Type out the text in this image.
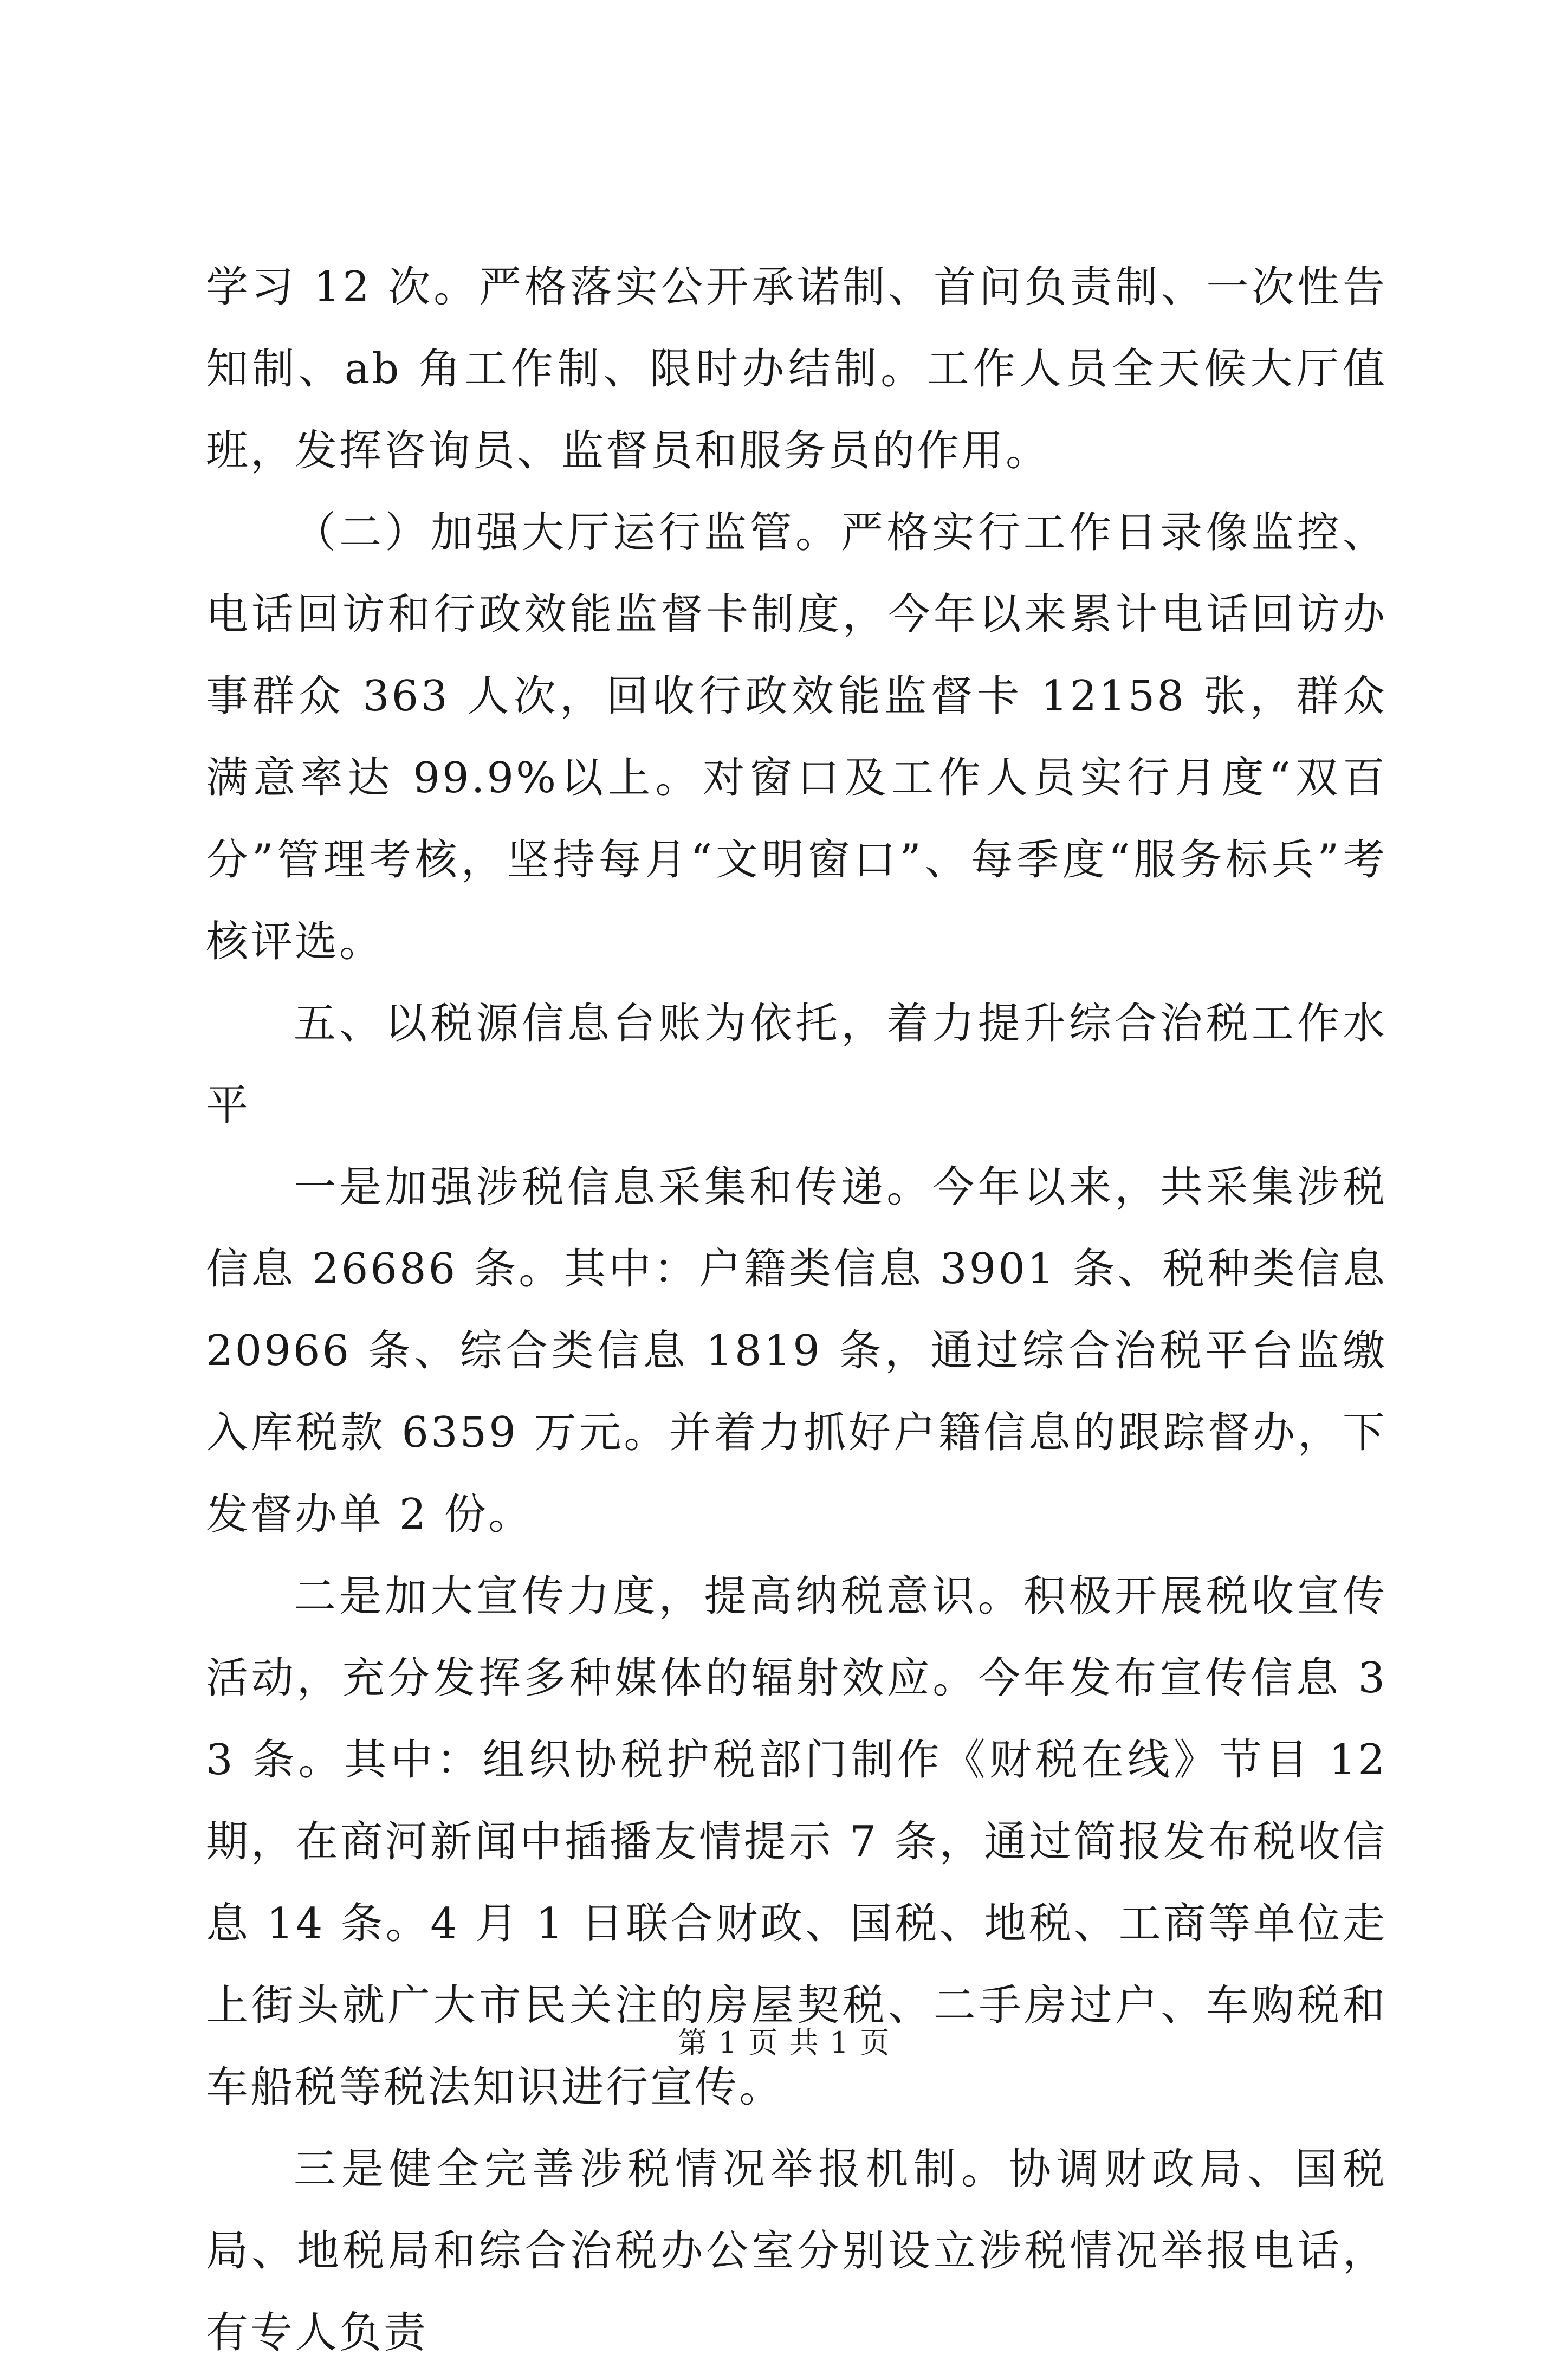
学习 12 次。严格落实公开承诺制、首问负责制、一次性告知制、ab 角工作制、限时办结制。工作人员全天候大厅值班，发挥咨询员、监督员和服务员的作用。

（二）加强大厅运行监管。严格实行工作日录像监控、电话回访和行政效能监督卡制度，今年以来累计电话回访办事群众 363 人次，回收行政效能监督卡 12158 张，群众满意率达 99.9%以上。对窗口及工作人员实行月度“双百分”管理考核，坚持每月“文明窗口”、每季度“服务标兵”考核评选。

五、以税源信息台账为依托，着力提升综合治税工作水平

一是加强涉税信息采集和传递。今年以来，共采集涉税信息 26686 条。其中：户籍类信息 3901 条、税种类信息 20966 条、综合类信息 1819 条，通过综合治税平台监缴入库税款 6359 万元。并着力抓好户籍信息的跟踪督办，下发督办单 2 份。

二是加大宣传力度，提高纳税意识。积极开展税收宣传活动，充分发挥多种媒体的辐射效应。今年发布宣传信息 33 条。其中：组织协税护税部门制作《财税在线》节目 12 期，在商河新闻中插播友情提示 7 条，通过简报发布税收信息 14 条。4 月 1 日联合财政、国税、地税、工商等单位走上街头就广大市民关注的房屋契税、二手房过户、车购税和车船税等税法知识进行宣传。

三是健全完善涉税情况举报机制。协调财政局、国税局、地税局和综合治税办公室分别设立涉税情况举报电话，有专人负责

第 1 页 共 1 页
